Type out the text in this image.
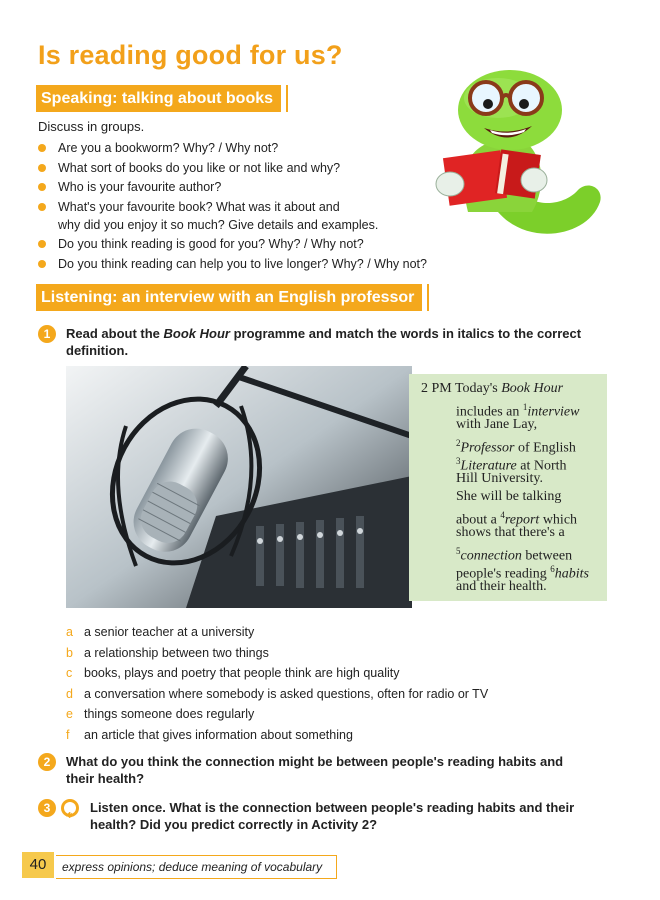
Is reading good for us?
Speaking: talking about books
Discuss in groups.
Are you a bookworm? Why? / Why not?
What sort of books do you like or not like and why?
Who is your favourite author?
What's your favourite book? What was it about and
why did you enjoy it so much? Give details and examples.
Do you think reading is good for you? Why? / Why not?
Do you think reading can help you to live longer? Why? / Why not?
Listening: an interview with an English professor
1	Read about the Book Hour programme and match the words in italics to the correct
definition.
2 PM Today's Book Hour
includes an $^1$interview
with Jane Lay,
$^2$Professor of English
$^3$Literature at North
Hill University.
She will be talking
about a $^4$report which
shows that there's a
$^5$connection between
people's reading $^6$habits
and their health.
a a senior teacher at a university
b a relationship between two things
c books, plays and poetry that people think are high quality
d a conversation where somebody is asked questions, often for radio or TV
e things someone does regularly
f an article that gives information about something
2	What do you think the connection might be between people's reading habits and
their health?
3	Listen once. What is the connection between people's reading habits and their
health? Did you predict correctly in Activity 2?
40	express opinions; deduce meaning of vocabulary
